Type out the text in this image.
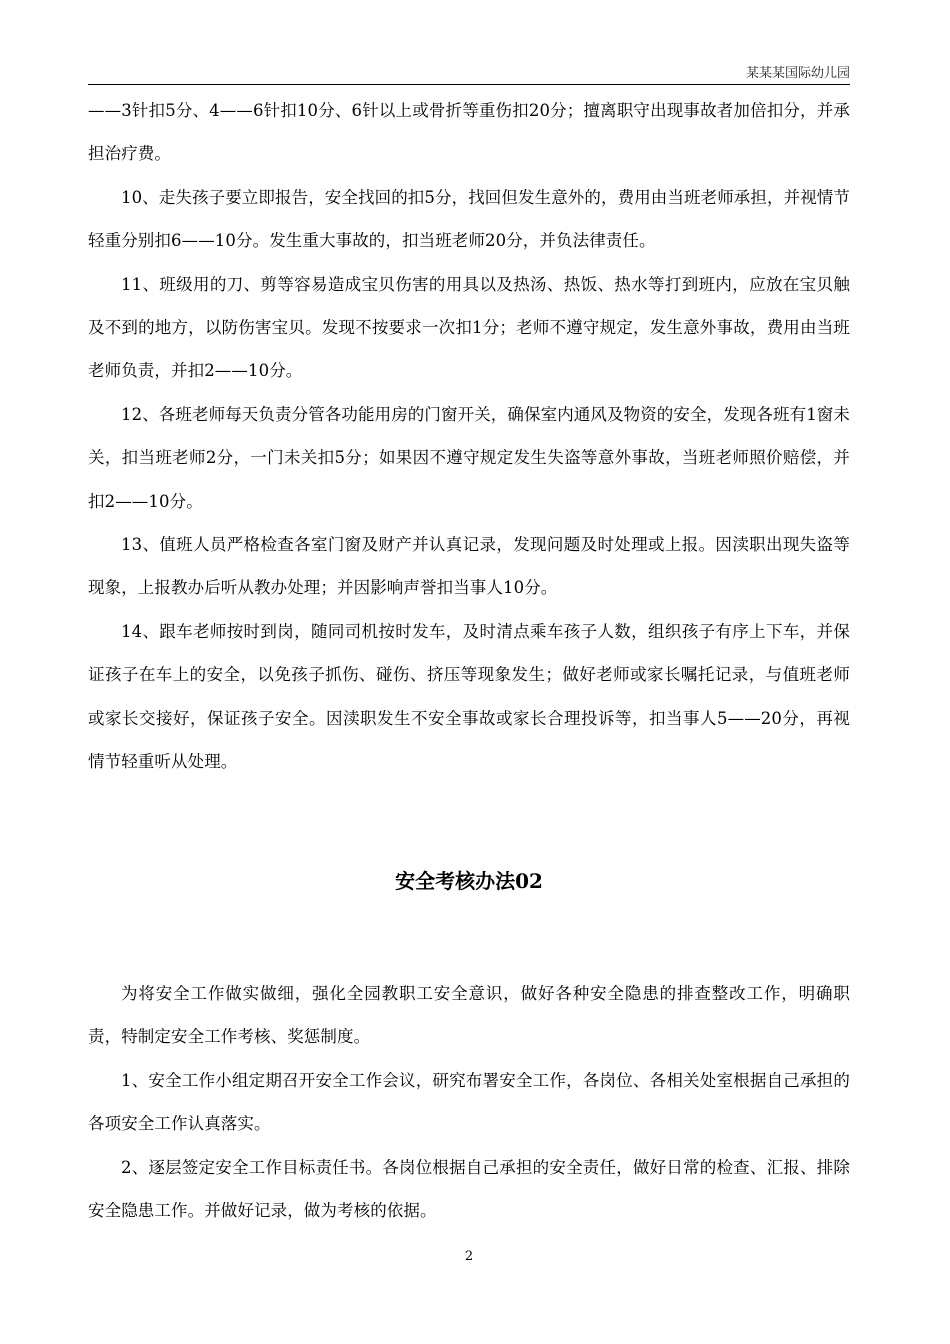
某某某国际幼儿园

——3针扣5分、4——6针扣10分、6针以上或骨折等重伤扣20分；擅离职守出现事故者加倍扣分，并承担治疗费。

10、走失孩子要立即报告，安全找回的扣5分，找回但发生意外的，费用由当班老师承担，并视情节轻重分别扣6——10分。发生重大事故的，扣当班老师20分，并负法律责任。

11、班级用的刀、剪等容易造成宝贝伤害的用具以及热汤、热饭、热水等打到班内，应放在宝贝触及不到的地方，以防伤害宝贝。发现不按要求一次扣1分；老师不遵守规定，发生意外事故，费用由当班老师负责，并扣2——10分。

12、各班老师每天负责分管各功能用房的门窗开关，确保室内通风及物资的安全，发现各班有1窗未关，扣当班老师2分，一门未关扣5分；如果因不遵守规定发生失盗等意外事故，当班老师照价赔偿，并扣2——10分。

13、值班人员严格检查各室门窗及财产并认真记录，发现问题及时处理或上报。因渎职出现失盗等现象，上报教办后听从教办处理；并因影响声誉扣当事人10分。

14、跟车老师按时到岗，随同司机按时发车，及时清点乘车孩子人数，组织孩子有序上下车，并保证孩子在车上的安全，以免孩子抓伤、碰伤、挤压等现象发生；做好老师或家长嘱托记录，与值班老师或家长交接好，保证孩子安全。因渎职发生不安全事故或家长合理投诉等，扣当事人5——20分，再视情节轻重听从处理。

安全考核办法02

为将安全工作做实做细，强化全园教职工安全意识，做好各种安全隐患的排查整改工作，明确职责，特制定安全工作考核、奖惩制度。

1、安全工作小组定期召开安全工作会议，研究布署安全工作，各岗位、各相关处室根据自己承担的各项安全工作认真落实。

2、逐层签定安全工作目标责任书。各岗位根据自己承担的安全责任，做好日常的检查、汇报、排除安全隐患工作。并做好记录，做为考核的依据。

2
